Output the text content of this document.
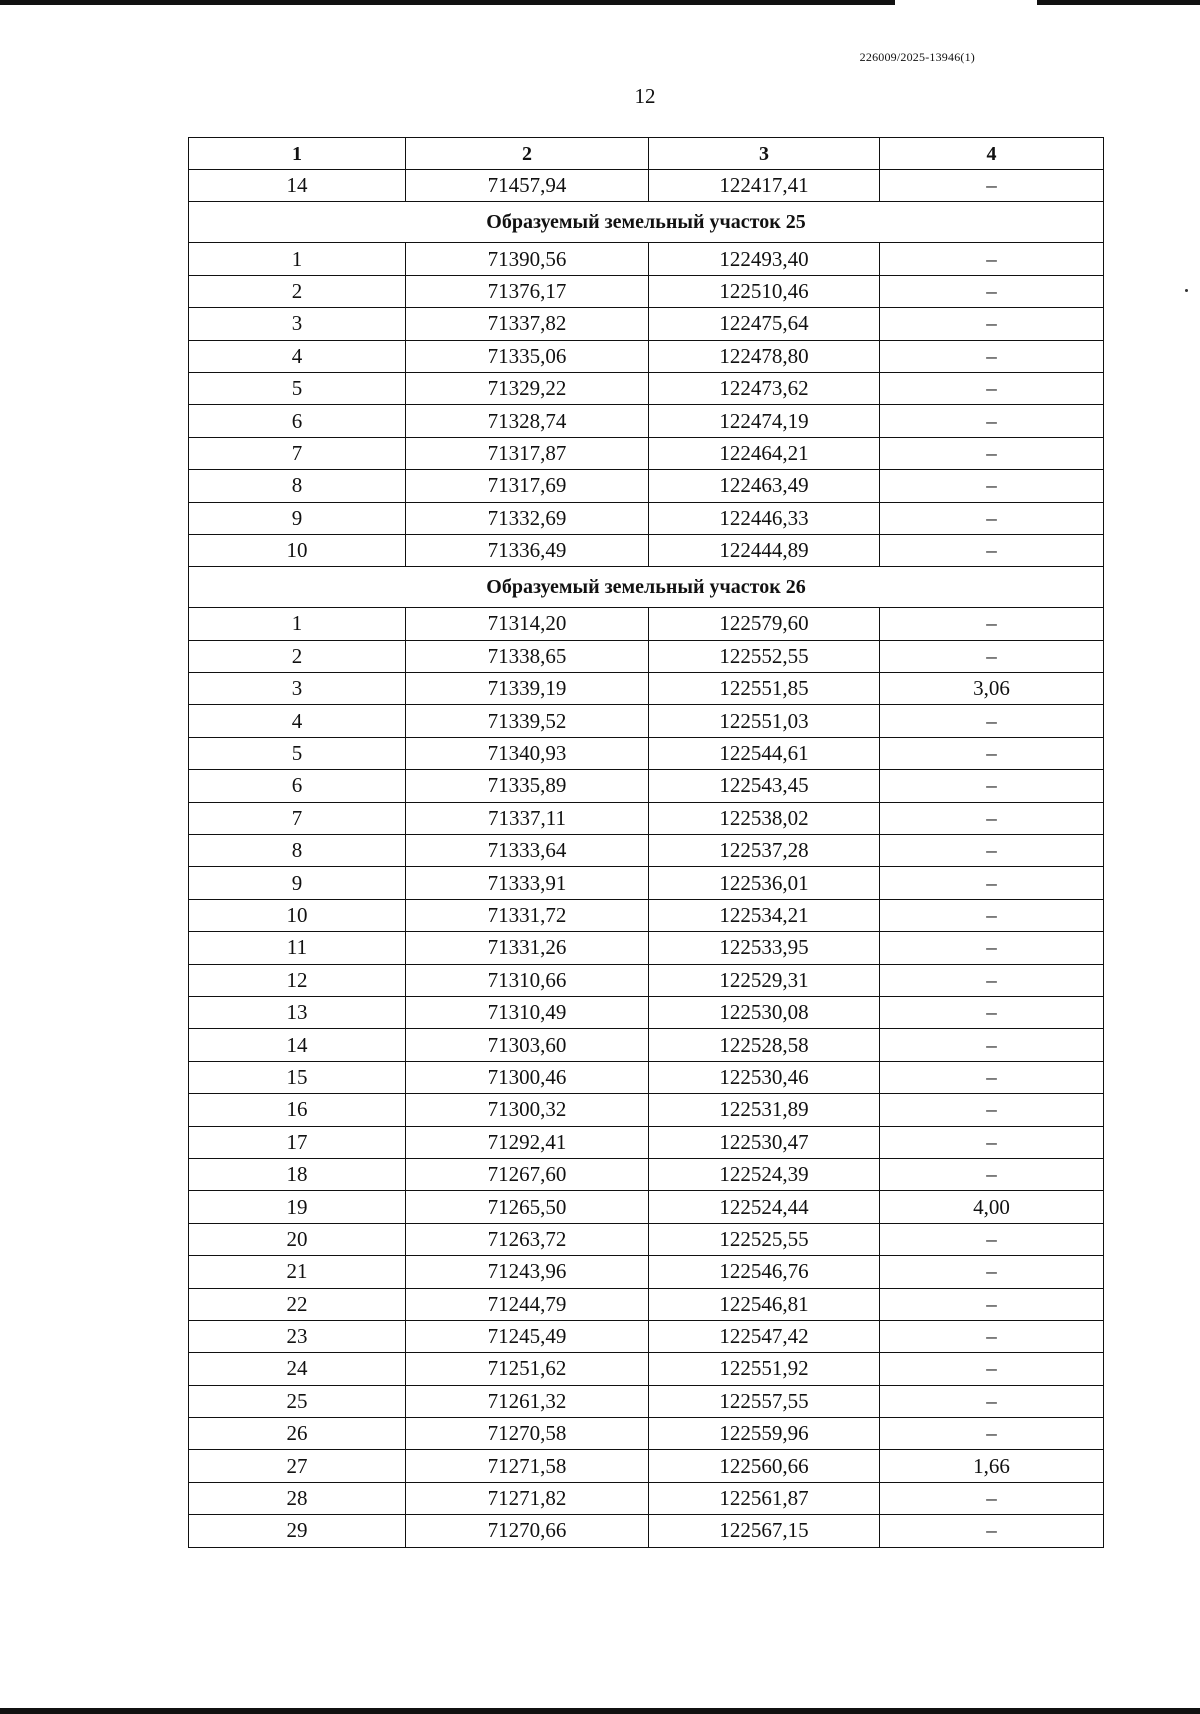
226009/2025-13946(1)
12
1	2	3	4
14	71457,94	122417,41	–
Образуемый земельный участок 25			
1	71390,56	122493,40	–
2	71376,17	122510,46	–
3	71337,82	122475,64	–
4	71335,06	122478,80	–
5	71329,22	122473,62	–
6	71328,74	122474,19	–
7	71317,87	122464,21	–
8	71317,69	122463,49	–
9	71332,69	122446,33	–
10	71336,49	122444,89	–
Образуемый земельный участок 26			
1	71314,20	122579,60	–
2	71338,65	122552,55	–
3	71339,19	122551,85	3,06
4	71339,52	122551,03	–
5	71340,93	122544,61	–
6	71335,89	122543,45	–
7	71337,11	122538,02	–
8	71333,64	122537,28	–
9	71333,91	122536,01	–
10	71331,72	122534,21	–
11	71331,26	122533,95	–
12	71310,66	122529,31	–
13	71310,49	122530,08	–
14	71303,60	122528,58	–
15	71300,46	122530,46	–
16	71300,32	122531,89	–
17	71292,41	122530,47	–
18	71267,60	122524,39	–
19	71265,50	122524,44	4,00
20	71263,72	122525,55	–
21	71243,96	122546,76	–
22	71244,79	122546,81	–
23	71245,49	122547,42	–
24	71251,62	122551,92	–
25	71261,32	122557,55	–
26	71270,58	122559,96	–
27	71271,58	122560,66	1,66
28	71271,82	122561,87	–
29	71270,66	122567,15	–
